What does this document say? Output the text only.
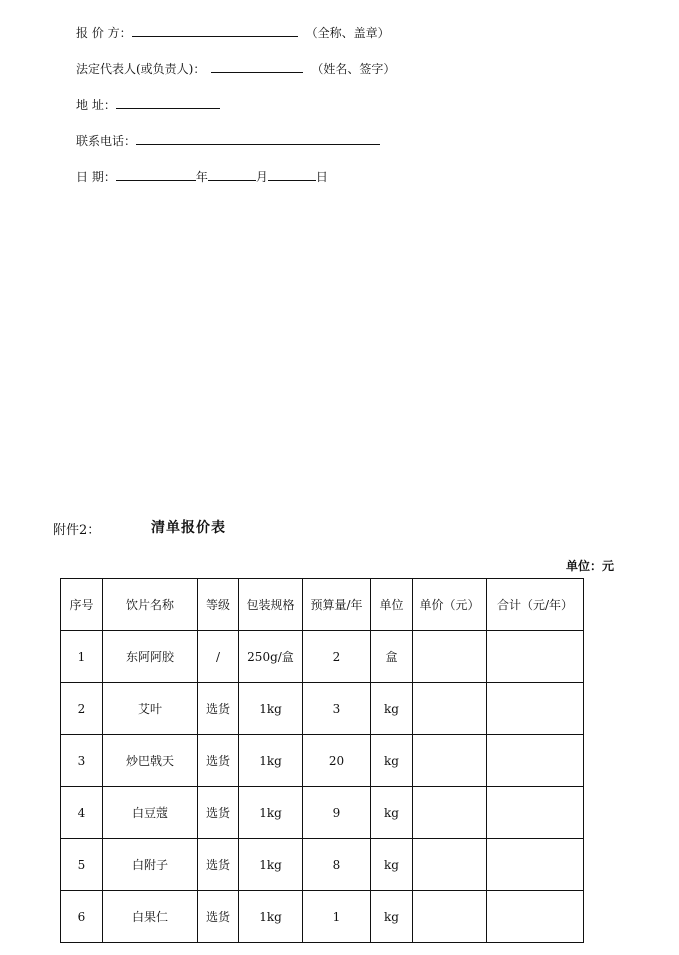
报 价 方：	（全称、盖章）
法定代表人(或负责人)：	（姓名、签字）
地 址：
联系电话：
日 期：	年	月	日
附件2：	清单报价表
单位：元
序号	饮片名称	等级	包装规格	预算量/年	单位	单价（元）	合计（元/年）
1	东阿阿胶	/	250g/盒	2	盒		
2	艾叶	选货	1kg	3	kg		
3	炒巴戟天	选货	1kg	20	kg		
4	白豆蔻	选货	1kg	9	kg		
5	白附子	选货	1kg	8	kg		
6	白果仁	选货	1kg	1	kg		
